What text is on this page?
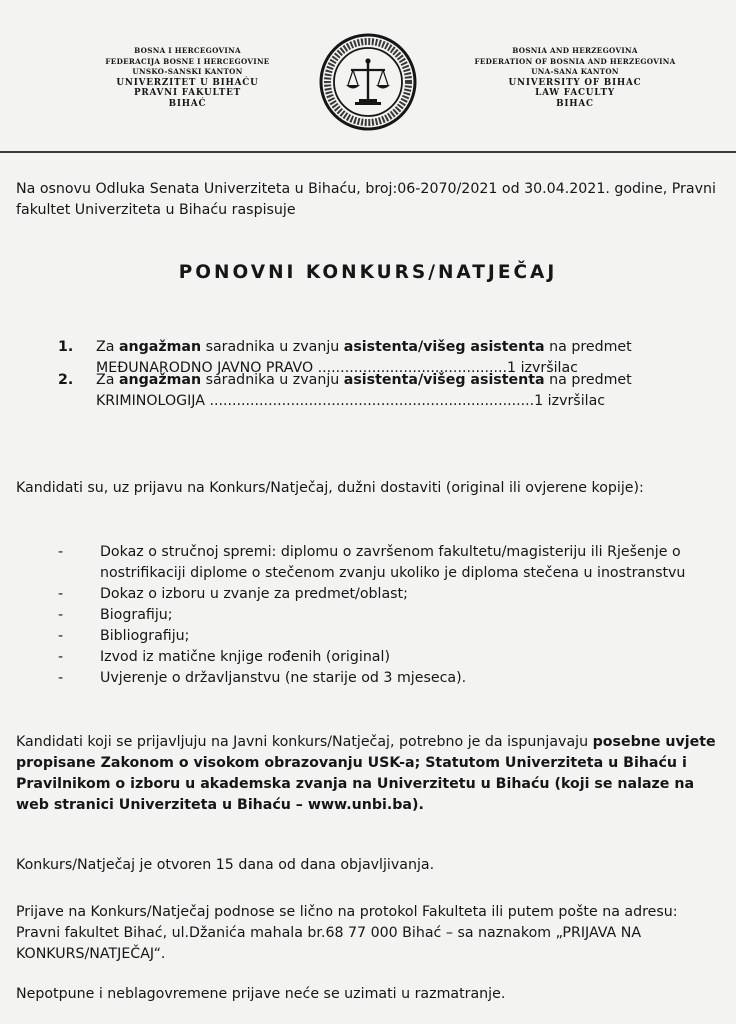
BOSNA I HERCEGOVINA
FEDERACIJA BOSNE I HERCEGOVINE
UNSKO-SANSKI KANTON
UNIVERZITET U BIHAĆU
PRAVNI FAKULTET
BIHAĆ
BOSNIA AND HERZEGOVINA
FEDERATION OF BOSNIA AND HERZEGOVINA
UNA-SANA KANTON
UNIVERSITY OF BIHAC
LAW FACULTY
BIHAC

Na osnovu Odluka Senata Univerziteta u Bihaću, broj:06-2070/2021 od 30.04.2021. godine, Pravni fakultet Univerziteta u Bihaću raspisuje

PONOVNI KONKURS/NATJEČAJ
1. Za angažman saradnika u zvanju asistenta/višeg asistenta na predmet
MEĐUNARODNO JAVNO PRAVO ..........................................1 izvršilac
2. Za angažman saradnika u zvanju asistenta/višeg asistenta na predmet
KRIMINOLOGIJA ........................................................................1 izvršilac

Kandidati su, uz prijavu na Konkurs/Natječaj, dužni dostaviti (original ili ovjerene kopije):

-	Dokaz o stručnoj spremi: diplomu o završenom fakultetu/magisteriju ili Rješenje o nostrifikaciji diplome o stečenom zvanju ukoliko je diploma stečena u inostranstvu
-	Dokaz o izboru u zvanje za predmet/oblast;
-	Biografiju;
-	Bibliografiju;
-	Izvod iz matične knjige rođenih (original)
-	Uvjerenje o državljanstvu (ne starije od 3 mjeseca).

Kandidati koji se prijavljuju na Javni konkurs/Natječaj, potrebno je da ispunjavaju posebne uvjete propisane Zakonom o visokom obrazovanju USK-a; Statutom Univerziteta u Bihaću i Pravilnikom o izboru u akademska zvanja na Univerzitetu u Bihaću (koji se nalaze na web stranici Univerziteta u Bihaću – www.unbi.ba).

Konkurs/Natječaj je otvoren 15 dana od dana objavljivanja.

Prijave na Konkurs/Natječaj podnose se lično na protokol Fakulteta ili putem pošte na adresu: Pravni fakultet Bihać, ul.Džanića mahala br.68 77 000 Bihać – sa naznakom „PRIJAVA NA KONKURS/NATJEČAJ“.

Nepotpune i neblagovremene prijave neće se uzimati u razmatranje.
